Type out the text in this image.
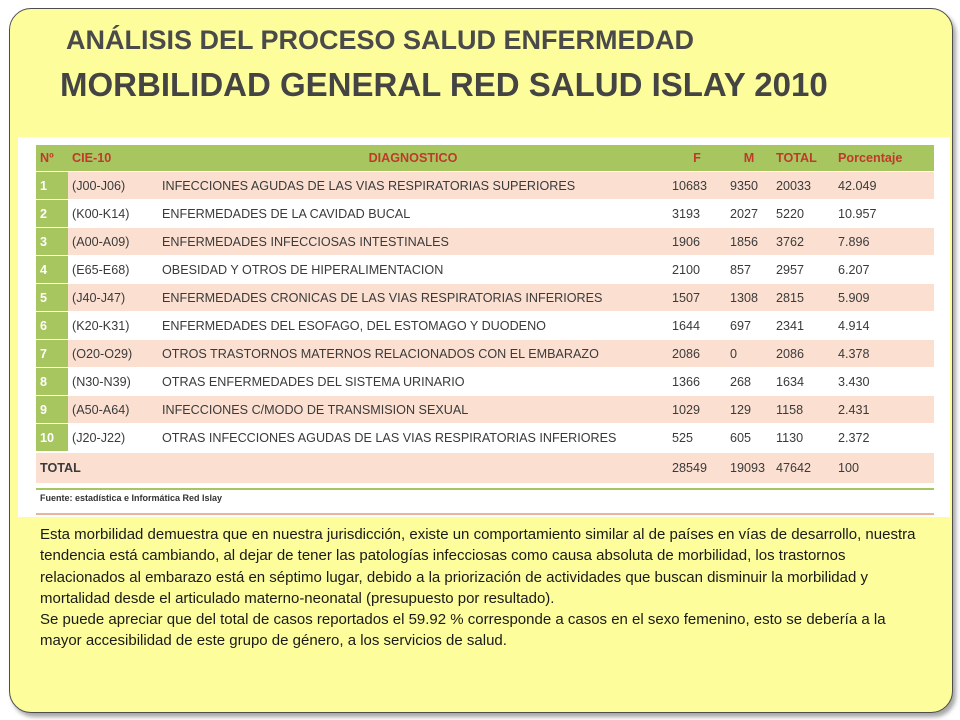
ANÁLISIS DEL PROCESO SALUD ENFERMEDAD
MORBILIDAD GENERAL RED SALUD ISLAY 2010
Nº	CIE-10	DIAGNOSTICO	F	M	TOTAL	Porcentaje
1	(J00-J06)	INFECCIONES AGUDAS DE LAS VIAS RESPIRATORIAS SUPERIORES	10683	9350	20033	42.049
2	(K00-K14)	ENFERMEDADES DE LA CAVIDAD BUCAL	3193	2027	5220	10.957
3	(A00-A09)	ENFERMEDADES INFECCIOSAS INTESTINALES	1906	1856	3762	7.896
4	(E65-E68)	OBESIDAD Y OTROS DE HIPERALIMENTACION	2100	857	2957	6.207
5	(J40-J47)	ENFERMEDADES CRONICAS DE LAS VIAS RESPIRATORIAS INFERIORES	1507	1308	2815	5.909
6	(K20-K31)	ENFERMEDADES DEL ESOFAGO, DEL ESTOMAGO Y DUODENO	1644	697	2341	4.914
7	(O20-O29)	OTROS TRASTORNOS MATERNOS RELACIONADOS CON EL EMBARAZO	2086	0	2086	4.378
8	(N30-N39)	OTRAS ENFERMEDADES DEL SISTEMA URINARIO	1366	268	1634	3.430
9	(A50-A64)	INFECCIONES C/MODO DE TRANSMISION SEXUAL	1029	129	1158	2.431
10	(J20-J22)	OTRAS INFECCIONES AGUDAS DE LAS VIAS RESPIRATORIAS INFERIORES	525	605	1130	2.372
TOTAL			28549	19093	47642	100
Fuente: estadística e Informática Red Islay

Esta morbilidad demuestra que en nuestra jurisdicción, existe un comportamiento similar al de países en vías de desarrollo, nuestra tendencia está cambiando, al dejar de tener las patologías infecciosas como causa absoluta de morbilidad, los trastornos relacionados al embarazo está en séptimo lugar, debido a la priorización de actividades que buscan disminuir la morbilidad y mortalidad desde el articulado materno-neonatal (presupuesto por resultado).

Se puede apreciar que del total de casos reportados el 59.92 % corresponde a casos en el sexo femenino, esto se debería a la mayor accesibilidad de este grupo de género, a los servicios de salud.
